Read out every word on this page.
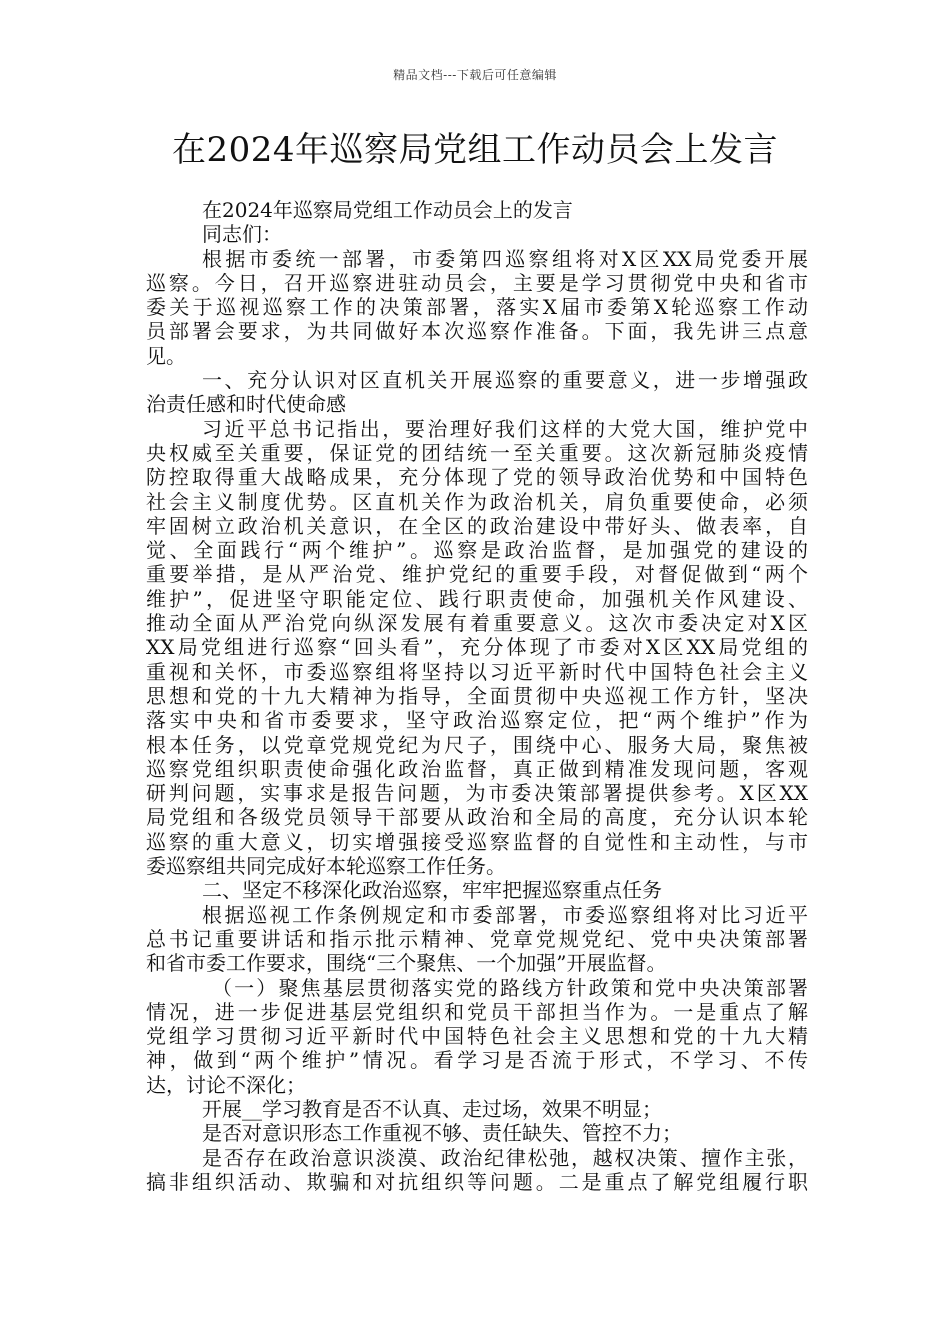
精品文档---下载后可任意编辑
在2024年巡察局党组工作动员会上发言
在2024年巡察局党组工作动员会上的发言
同志们：
根据市委统一部署，市委第四巡察组将对X区XX局党委开展
巡察。今日，召开巡察进驻动员会，主要是学习贯彻党中央和省市
委关于巡视巡察工作的决策部署，落实X届市委第X轮巡察工作动
员部署会要求，为共同做好本次巡察作准备。下面，我先讲三点意
见。
一、充分认识对区直机关开展巡察的重要意义，进一步增强政
治责任感和时代使命感
习近平总书记指出，要治理好我们这样的大党大国，维护党中
央权威至关重要，保证党的团结统一至关重要。这次新冠肺炎疫情
防控取得重大战略成果，充分体现了党的领导政治优势和中国特色
社会主义制度优势。区直机关作为政治机关，肩负重要使命，必须
牢固树立政治机关意识，在全区的政治建设中带好头、做表率，自
觉、全面践行“两个维护”。巡察是政治监督，是加强党的建设的
重要举措，是从严治党、维护党纪的重要手段，对督促做到“两个
维护”，促进坚守职能定位、践行职责使命，加强机关作风建设、
推动全面从严治党向纵深发展有着重要意义。这次市委决定对X区
XX局党组进行巡察“回头看”，充分体现了市委对X区XX局党组的
重视和关怀，市委巡察组将坚持以习近平新时代中国特色社会主义
思想和党的十九大精神为指导，全面贯彻中央巡视工作方针，坚决
落实中央和省市委要求，坚守政治巡察定位，把“两个维护”作为
根本任务，以党章党规党纪为尺子，围绕中心、服务大局，聚焦被
巡察党组织职责使命强化政治监督，真正做到精准发现问题，客观
研判问题，实事求是报告问题，为市委决策部署提供参考。X区XX
局党组和各级党员领导干部要从政治和全局的高度，充分认识本轮
巡察的重大意义，切实增强接受巡察监督的自觉性和主动性，与市
委巡察组共同完成好本轮巡察工作任务。
二、坚定不移深化政治巡察，牢牢把握巡察重点任务
根据巡视工作条例规定和市委部署，市委巡察组将对比习近平
总书记重要讲话和指示批示精神、党章党规党纪、党中央决策部署
和省市委工作要求，围绕“三个聚焦、一个加强”开展监督。
（一）聚焦基层贯彻落实党的路线方针政策和党中央决策部署
情况，进一步促进基层党组织和党员干部担当作为。一是重点了解
党组学习贯彻习近平新时代中国特色社会主义思想和党的十九大精
神，做到“两个维护”情况。看学习是否流于形式，不学习、不传
达，讨论不深化；
开展__学习教育是否不认真、走过场，效果不明显；
是否对意识形态工作重视不够、责任缺失、管控不力；
是否存在政治意识淡漠、政治纪律松弛，越权决策、擅作主张，
搞非组织活动、欺骗和对抗组织等问题。二是重点了解党组履行职
